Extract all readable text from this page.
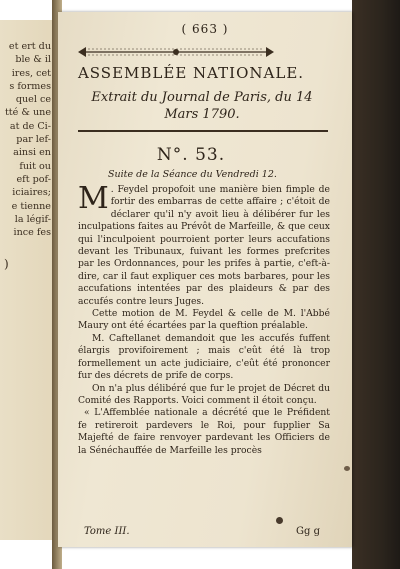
et ert du
ble & il
ires, cet
s formes
quel ce
tté & une
at de Ci-
par lef-
ainsi en
fuit ou
eft pof-
iciaires;
e tienne
la légif-
ince fes
)
( 663 )
ASSEMBLÉE NATIONALE.
Extrait du Journal de Paris, du 14 Mars 1790.
N°. 53.
Suite de la Séance du Vendredi 12.

M . Feydel propofoit une manière bien fimple de fortir des embarras de cette affaire ; c'étoit de déclarer qu'il n'y avoit lieu à délibérer fur les inculpations faites au Prévôt de Marfeille, & que ceux qui l'inculpoient pourroient porter leurs accufations devant les Tribunaux, fuivant les formes prefcrites par les Ordonnances, pour les prifes à partie, c'eft-à-dire, car il faut expliquer ces mots barbares, pour les accufations intentées par des plaideurs & par des accufés contre leurs Juges.

Cette motion de M. Feydel & celle de M. l'Abbé Maury ont été écartées par la queftion préalable.

M. Caftellanet demandoit que les accufés fuffent élargis provifoirement ; mais c'eût été là trop formellement un acte judiciaire, c'eût été prononcer fur des décrets de prife de corps.

On n'a plus délibéré que fur le projet de Décret du Comité des Rapports. Voici comment il étoit conçu.

« L'Affemblée nationale a décrété que le Préfident fe retireroit pardevers le Roi, pour fupplier Sa Majefté de faire renvoyer pardevant les Officiers de la Sénéchauffée de Marfeille les procès

Tome III.	Gg g
